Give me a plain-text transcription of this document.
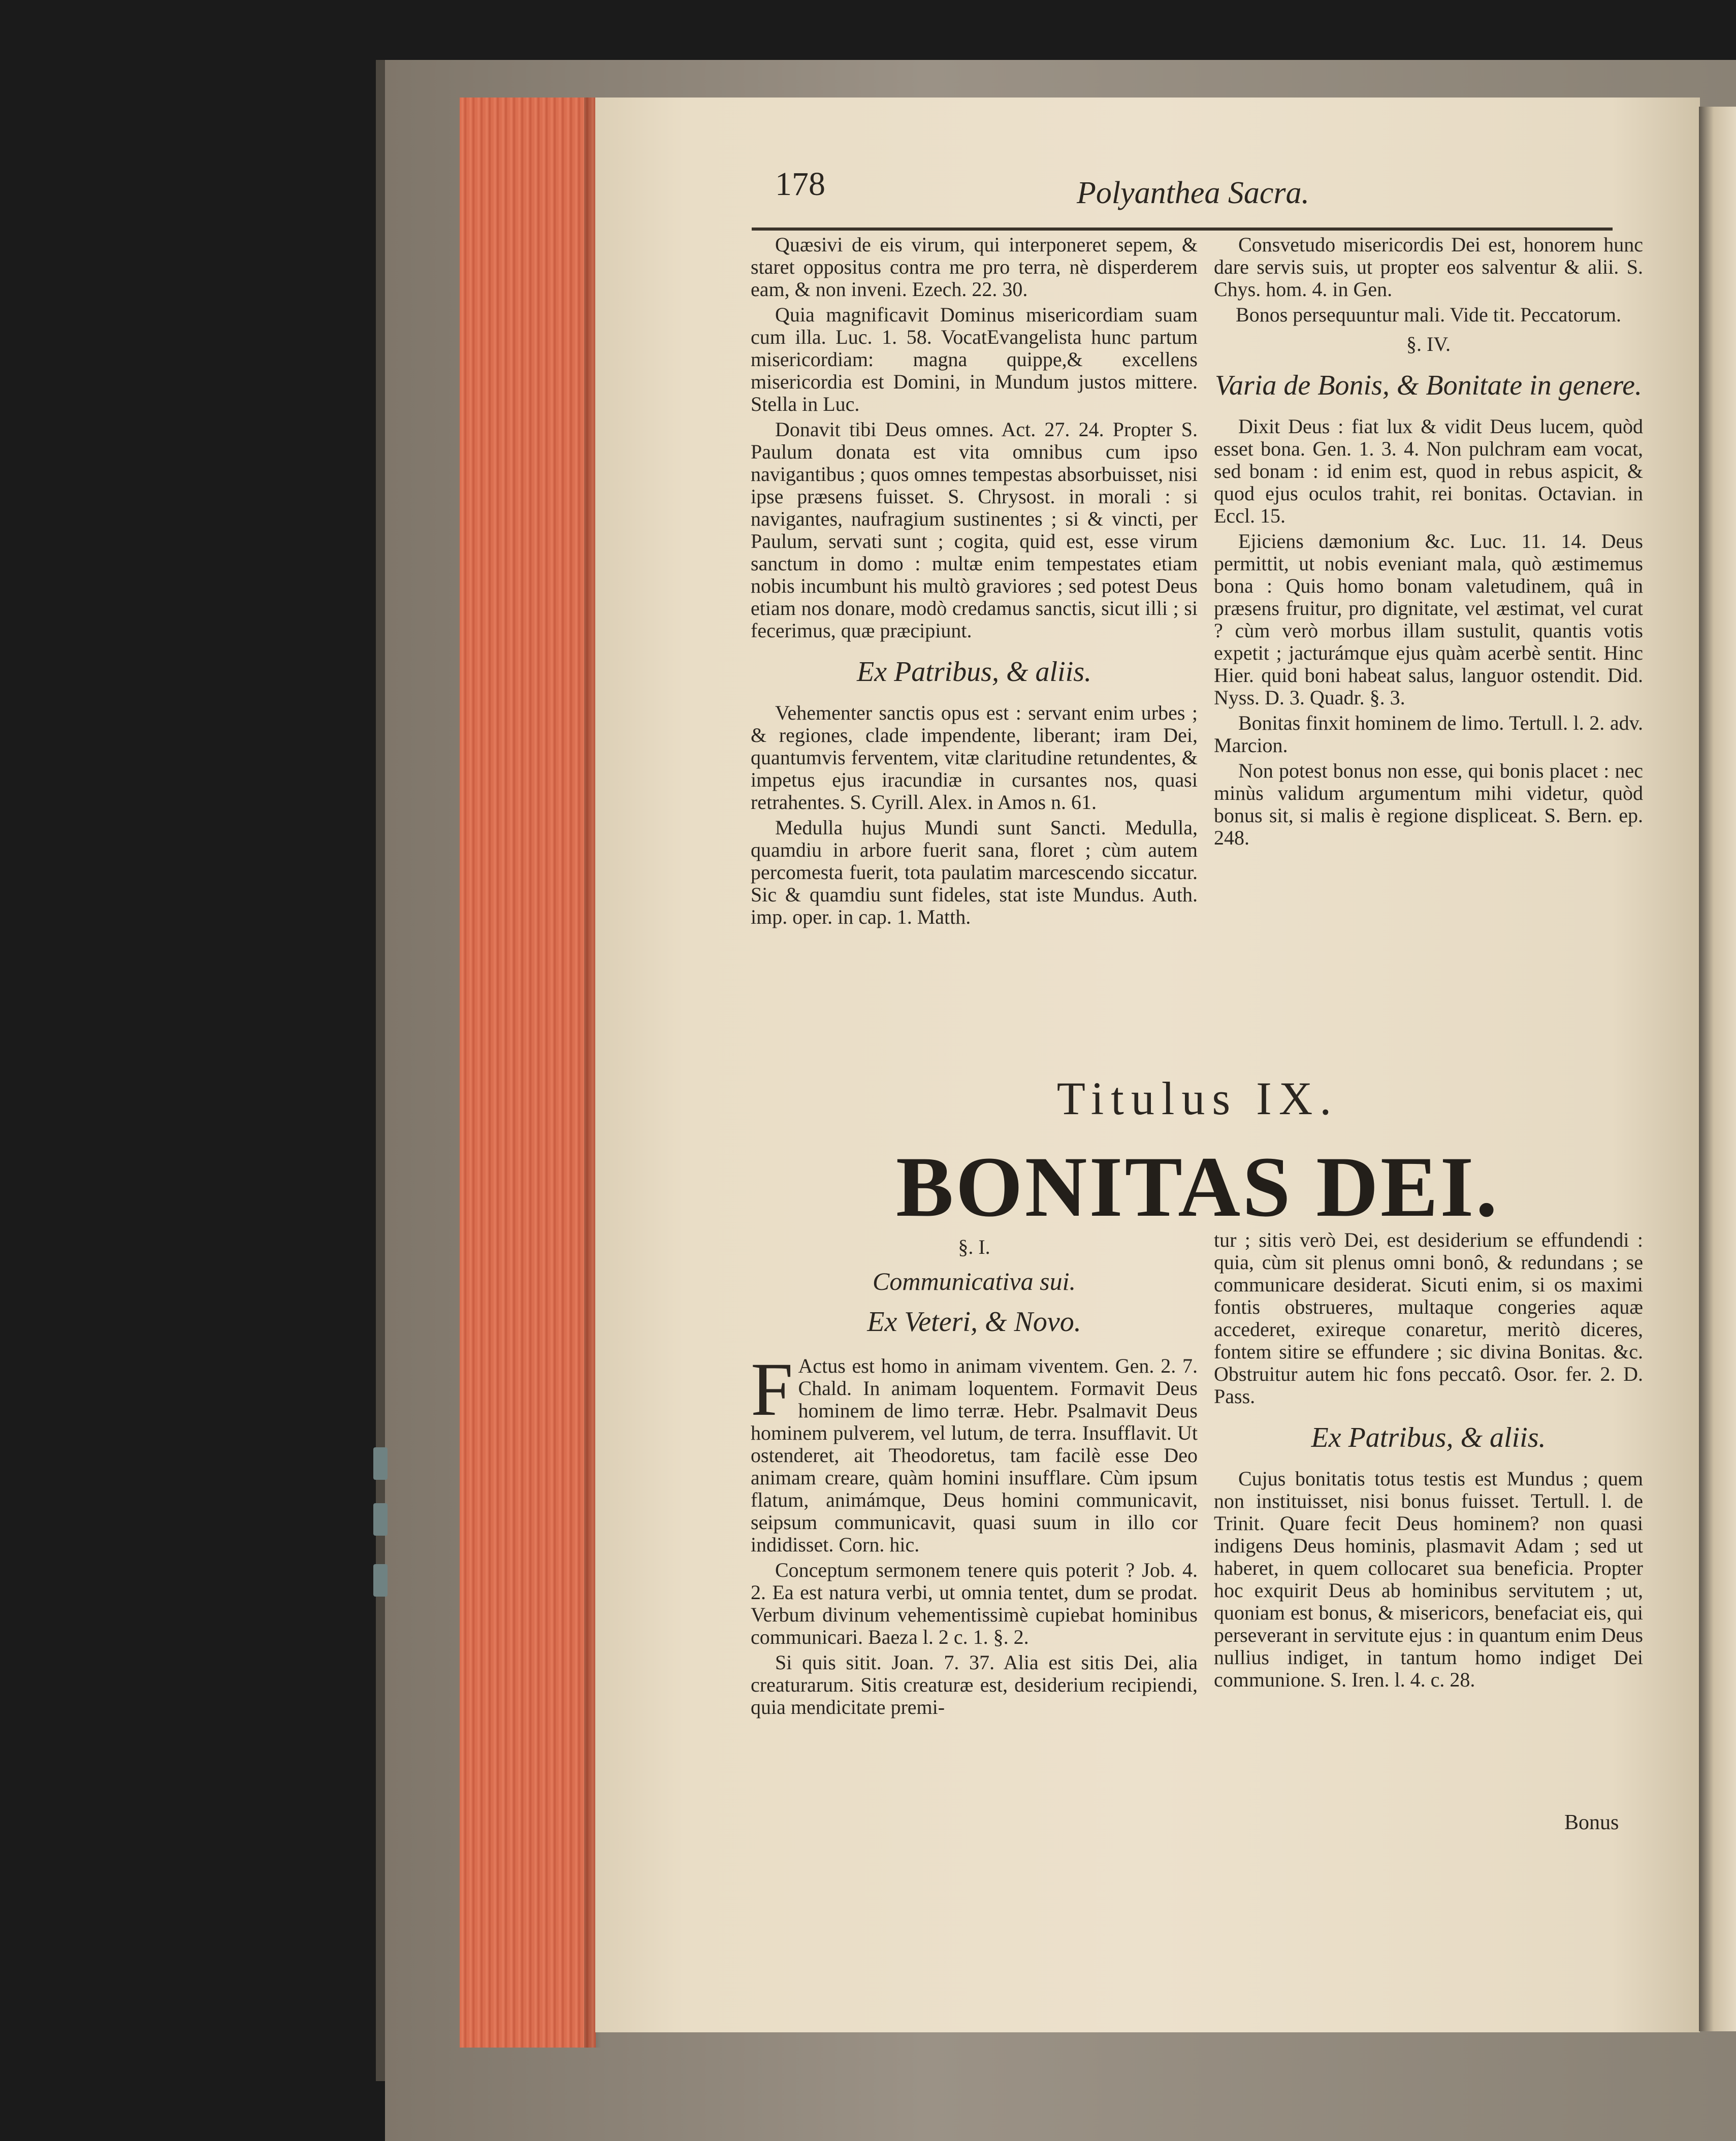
178	Polyanthea Sacra.

Quæsivi de eis virum, qui interponeret sepem, & staret oppositus contra me pro terra, nè disperderem eam, & non inveni. Ezech. 22. 30.

Quia magnificavit Dominus misericordiam suam cum illa. Luc. 1. 58. VocatEvangelista hunc partum misericordiam: magna quippe,& excellens misericordia est Domini, in Mundum justos mittere. Stella in Luc.

Donavit tibi Deus omnes. Act. 27. 24. Propter S. Paulum donata est vita omnibus cum ipso navigantibus ; quos omnes tempestas absorbuisset, nisi ipse præsens fuisset. S. Chrysost. in morali : si navigantes, naufragium sustinentes ; si & vincti, per Paulum, servati sunt ; cogita, quid est, esse virum sanctum in domo : multæ enim tempestates etiam nobis incumbunt his multò graviores ; sed potest Deus etiam nos donare, modò credamus sanctis, sicut illi ; si fecerimus, quæ præcipiunt.

Ex Patribus, & aliis.

Vehementer sanctis opus est : servant enim urbes ; & regiones, clade impendente, liberant; iram Dei, quantumvis ferventem, vitæ claritudine retundentes, & impetus ejus iracundiæ in cursantes nos, quasi retrahentes. S. Cyrill. Alex. in Amos n. 61.

Medulla hujus Mundi sunt Sancti. Medulla, quamdiu in arbore fuerit sana, floret ; cùm autem percomesta fuerit, tota paulatim marcescendo siccatur. Sic & quamdiu sunt fideles, stat iste Mundus. Auth. imp. oper. in cap. 1. Matth.

Consvetudo misericordis Dei est, honorem hunc dare servis suis, ut propter eos salventur & alii. S. Chys. hom. 4. in Gen.

Bonos persequuntur mali. Vide tit. Peccatorum.

§. IV.
Varia de Bonis, & Bonitate in genere.

Dixit Deus : fiat lux & vidit Deus lucem, quòd esset bona. Gen. 1. 3. 4. Non pulchram eam vocat, sed bonam : id enim est, quod in rebus aspicit, & quod ejus oculos trahit, rei bonitas. Octavian. in Eccl. 15.

Ejiciens dæmonium &c. Luc. 11. 14. Deus permittit, ut nobis eveniant mala, quò æstimemus bona : Quis homo bonam valetudinem, quâ in præsens fruitur, pro dignitate, vel æstimat, vel curat ? cùm verò morbus illam sustulit, quantis votis expetit ; jacturámque ejus quàm acerbè sentit. Hinc Hier. quid boni habeat salus, languor ostendit. Did. Nyss. D. 3. Quadr. §. 3.

Bonitas finxit hominem de limo. Tertull. l. 2. adv. Marcion.

Non potest bonus non esse, qui bonis placet : nec minùs validum argumentum mihi videtur, quòd bonus sit, si malis è regione displiceat. S. Bern. ep. 248.

Titulus IX.
BONITAS DEI.
§. I.
Communicativa sui.
Ex Veteri, & Novo.

F Actus est homo in animam viventem. Gen. 2. 7. Chald. In animam loquentem. Formavit Deus hominem de limo terræ. Hebr. Psalmavit Deus hominem pulverem, vel lutum, de terra. Insufflavit. Ut ostenderet, ait Theodoretus, tam facilè esse Deo animam creare, quàm homini insufflare. Cùm ipsum flatum, animámque, Deus homini communicavit, seipsum communicavit, quasi suum in illo cor indidisset. Corn. hic.

Conceptum sermonem tenere quis poterit ? Job. 4. 2. Ea est natura verbi, ut omnia tentet, dum se prodat. Verbum divinum vehementissimè cupiebat hominibus communicari. Baeza l. 2 c. 1. §. 2.

Si quis sitit. Joan. 7. 37. Alia est sitis Dei, alia creaturarum. Sitis creaturæ est, desiderium recipiendi, quia mendicitate premi-

tur ; sitis verò Dei, est desiderium se effundendi : quia, cùm sit plenus omni bonô, & redundans ; se communicare desiderat. Sicuti enim, si os maximi fontis obstrueres, multaque congeries aquæ accederet, exireque conaretur, meritò diceres, fontem sitire se effundere ; sic divina Bonitas. &c. Obstruitur autem hic fons peccatô. Osor. fer. 2. D. Pass.

Ex Patribus, & aliis.

Cujus bonitatis totus testis est Mundus ; quem non instituisset, nisi bonus fuisset. Tertull. l. de Trinit. Quare fecit Deus hominem? non quasi indigens Deus hominis, plasmavit Adam ; sed ut haberet, in quem collocaret sua beneficia. Propter hoc exquirit Deus ab hominibus servitutem ; ut, quoniam est bonus, & misericors, benefaciat eis, qui perseverant in servitute ejus : in quantum enim Deus nullius indiget, in tantum homo indiget Dei communione. S. Iren. l. 4. c. 28.

Bonus
